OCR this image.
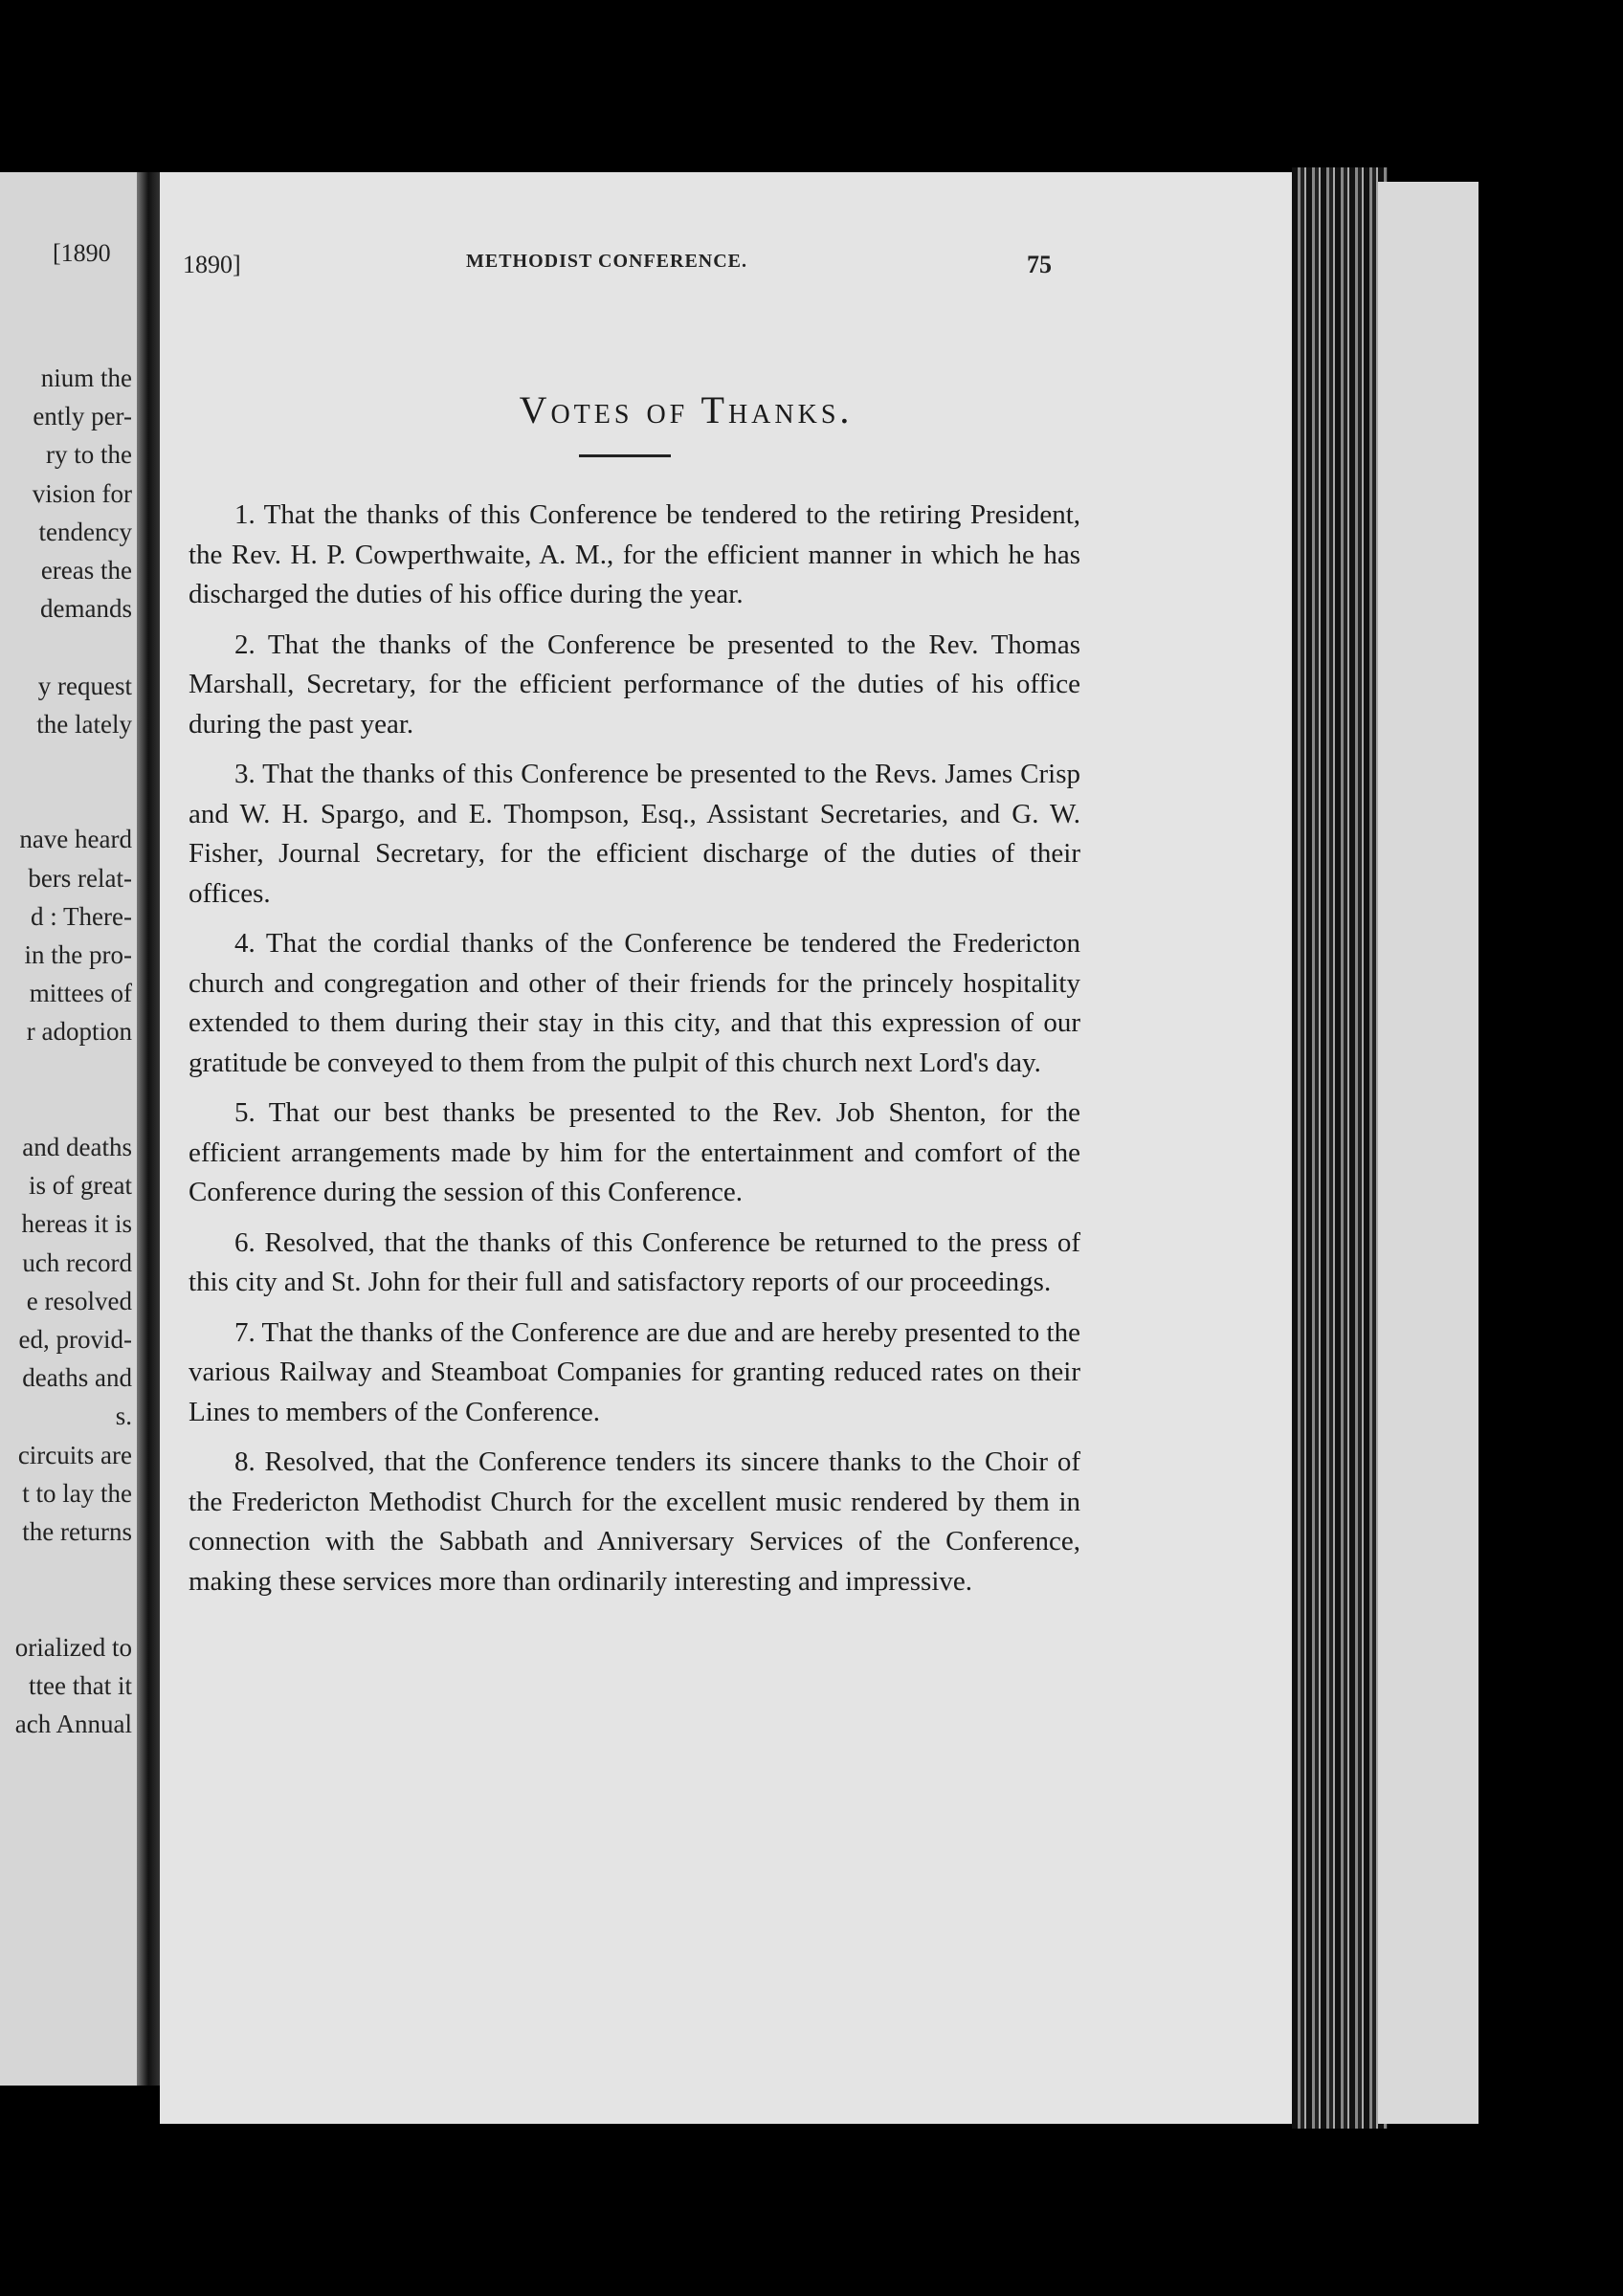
[1890
nium the
ently per-
ry to the
vision for
tendency
ereas the
demands
y request
the lately
nave heard
bers relat-
d : There-
in the pro-
mittees of
r adoption
and deaths
is of great
hereas it is
uch record
e resolved
ed, provid-
deaths and
s.
circuits are
t to lay the
the returns
orialized to
ttee that it
ach Annual
1890]	METHODIST CONFERENCE.	75
Votes of Thanks.

1. That the thanks of this Conference be tendered to the retiring President, the Rev. H. P. Cowperthwaite, A. M., for the efficient manner in which he has discharged the duties of his office during the year.

2. That the thanks of the Conference be presented to the Rev. Thomas Marshall, Secretary, for the efficient performance of the duties of his office during the past year.

3. That the thanks of this Conference be presented to the Revs. James Crisp and W. H. Spargo, and E. Thompson, Esq., Assistant Secretaries, and G. W. Fisher, Journal Secretary, for the efficient discharge of the duties of their offices.

4. That the cordial thanks of the Conference be tendered the Fredericton church and congregation and other of their friends for the princely hospitality extended to them during their stay in this city, and that this expression of our gratitude be conveyed to them from the pulpit of this church next Lord's day.

5. That our best thanks be presented to the Rev. Job Shenton, for the efficient arrangements made by him for the entertainment and comfort of the Conference during the session of this Conference.

6. Resolved, that the thanks of this Conference be returned to the press of this city and St. John for their full and satisfactory reports of our proceedings.

7. That the thanks of the Conference are due and are hereby presented to the various Railway and Steamboat Companies for granting reduced rates on their Lines to members of the Conference.

8. Resolved, that the Conference tenders its sincere thanks to the Choir of the Fredericton Methodist Church for the excellent music rendered by them in connection with the Sabbath and Anniversary Services of the Conference, making these services more than ordinarily interesting and impressive.
